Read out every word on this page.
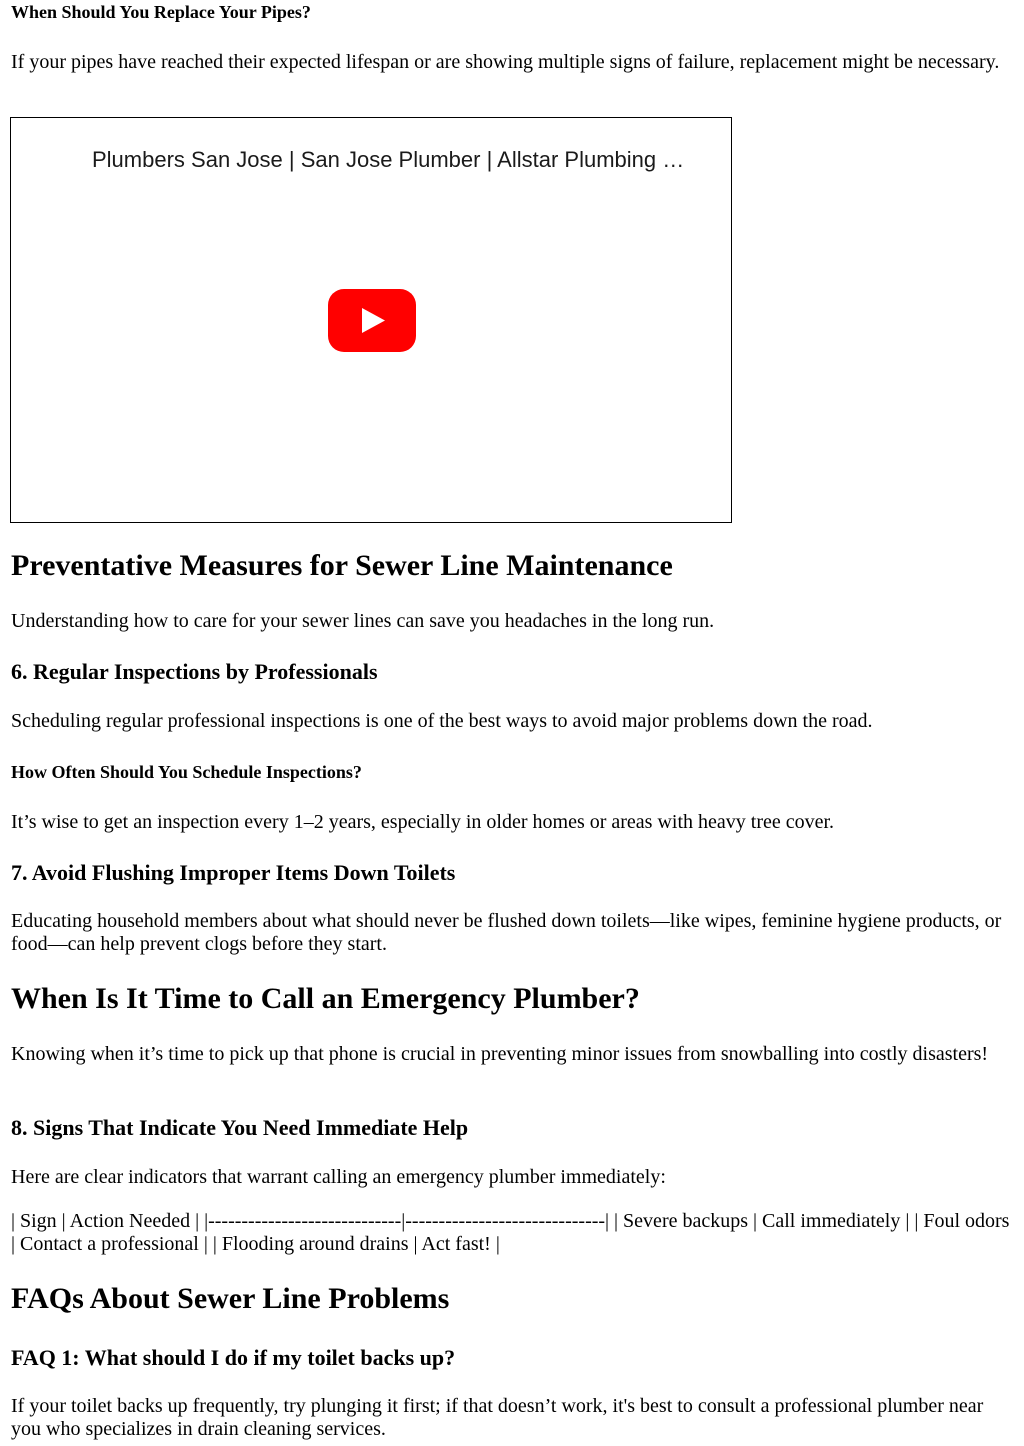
When Should You Replace Your Pipes?

If your pipes have reached their expected lifespan or are showing multiple signs of failure, replacement might be necessary.

Plumbers San Jose | San Jose Plumber | Allstar Plumbing …
Preventative Measures for Sewer Line Maintenance

Understanding how to care for your sewer lines can save you headaches in the long run.

6. Regular Inspections by Professionals

Scheduling regular professional inspections is one of the best ways to avoid major problems down the road.

How Often Should You Schedule Inspections?

It’s wise to get an inspection every 1–2 years, especially in older homes or areas with heavy tree cover.

7. Avoid Flushing Improper Items Down Toilets

Educating household members about what should never be flushed down toilets—like wipes, feminine hygiene products, or food—can help prevent clogs before they start.

When Is It Time to Call an Emergency Plumber?

Knowing when it’s time to pick up that phone is crucial in preventing minor issues from snowballing into costly disasters!

8. Signs That Indicate You Need Immediate Help

Here are clear indicators that warrant calling an emergency plumber immediately:

| Sign | Action Needed | |-----------------------------|------------------------------| | Severe backups | Call immediately | | Foul odors | Contact a professional | | Flooding around drains | Act fast! |

FAQs About Sewer Line Problems
FAQ 1: What should I do if my toilet backs up?

If your toilet backs up frequently, try plunging it first; if that doesn’t work, it's best to consult a professional plumber near you who specializes in drain cleaning services.
